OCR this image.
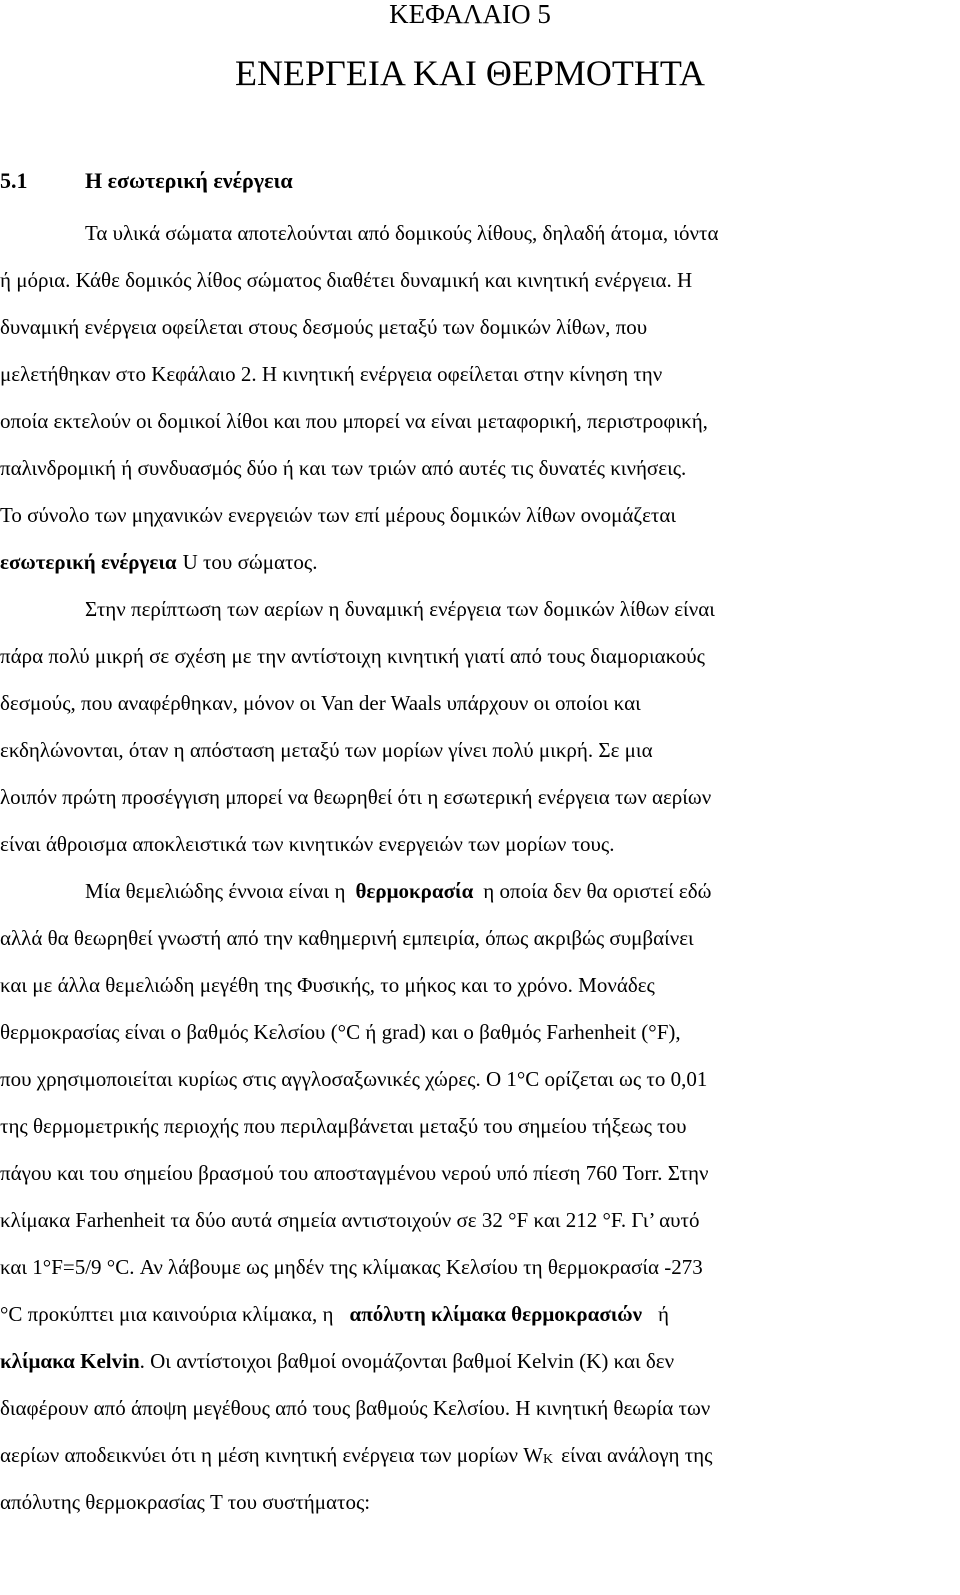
ΚΕΦΑΛΑΙΟ 5
ΕΝΕΡΓΕΙΑ ΚΑΙ ΘΕΡΜΟΤΗΤΑ
5.1	Η εσωτερική ενέργεια
Τα υλικά σώματα αποτελούνται από δομικούς λίθους, δηλαδή άτομα, ιόντα
ή μόρια. Κάθε δομικός λίθος σώματος διαθέτει δυναμική και κινητική ενέργεια. Η
δυναμική ενέργεια οφείλεται στους δεσμούς μεταξύ των δομικών λίθων, που
μελετήθηκαν στο Κεφάλαιο 2. Η κινητική ενέργεια οφείλεται στην κίνηση την
οποία εκτελούν οι δομικοί λίθοι και που μπορεί να είναι μεταφορική, περιστροφική,
παλινδρομική ή συνδυασμός δύο ή και των τριών από αυτές τις δυνατές κινήσεις.
Το σύνολο των μηχανικών ενεργειών των επί μέρους δομικών λίθων ονομάζεται
εσωτερική ενέργεια U του σώματος.
Στην περίπτωση των αερίων η δυναμική ενέργεια των δομικών λίθων είναι
πάρα πολύ μικρή σε σχέση με την αντίστοιχη κινητική γιατί από τους διαμοριακούς
δεσμούς, που αναφέρθηκαν, μόνον οι Van der Waals υπάρχουν οι οποίοι και
εκδηλώνονται, όταν η απόσταση μεταξύ των μορίων γίνει πολύ μικρή. Σε μια
λοιπόν πρώτη προσέγγιση μπορεί να θεωρηθεί ότι η εσωτερική ενέργεια των αερίων
είναι άθροισμα αποκλειστικά των κινητικών ενεργειών των μορίων τους.
Μία θεμελιώδης έννοια είναι η θερμοκρασία η οποία δεν θα οριστεί εδώ
αλλά θα θεωρηθεί γνωστή από την καθημερινή εμπειρία, όπως ακριβώς συμβαίνει
και με άλλα θεμελιώδη μεγέθη της Φυσικής, το μήκος και το χρόνο. Μονάδες
θερμοκρασίας είναι ο βαθμός Κελσίου (°C ή grad) και ο βαθμός Farhenheit (°F),
που χρησιμοποιείται κυρίως στις αγγλοσαξωνικές χώρες. Ο 1°C ορίζεται ως το 0,01
της θερμομετρικής περιοχής που περιλαμβάνεται μεταξύ του σημείου τήξεως του
πάγου και του σημείου βρασμού του αποσταγμένου νερού υπό πίεση 760 Torr. Στην
κλίμακα Farhenheit τα δύο αυτά σημεία αντιστοιχούν σε 32 °F και 212 °F. Γι’ αυτό
και 1°F=5/9 °C. Αν λάβουμε ως μηδέν της κλίμακας Κελσίου τη θερμοκρασία -273
°C προκύπτει μια καινούρια κλίμακα, η απόλυτη κλίμακα θερμοκρασιών ή
κλίμακα Kelvin . Οι αντίστοιχοι βαθμοί ονομάζονται βαθμοί Kelvin (K) και δεν
διαφέρουν από άποψη μεγέθους από τους βαθμούς Κελσίου. Η κινητική θεωρία των
αερίων αποδεικνύει ότι η μέση κινητική ενέργεια των μορίων $W_K$ είναι ανάλογη της
απόλυτης θερμοκρασίας T του συστήματος:
